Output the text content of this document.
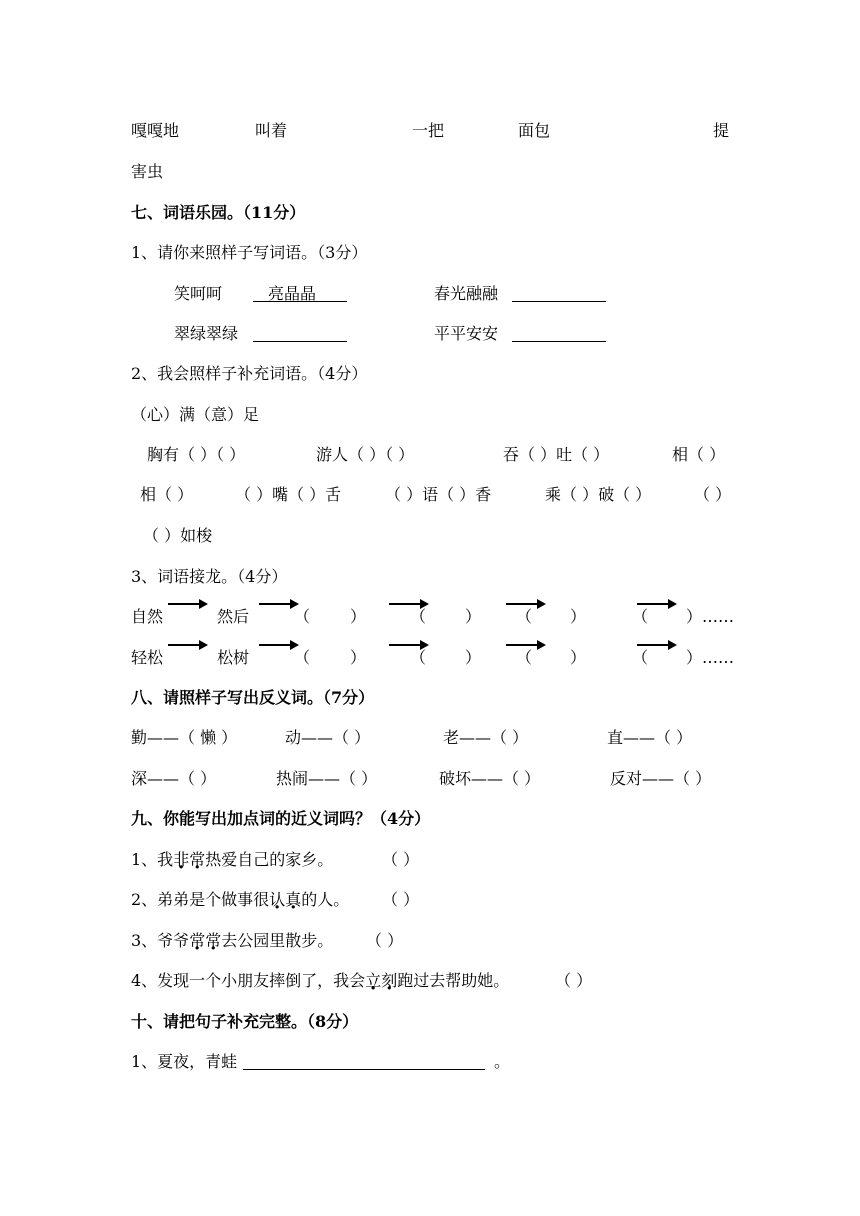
嘎嘎地	叫着	一把	面包	提
害虫
七、词语乐园。（11分）
1、请你来照样子写词语。（3分）
笑呵呵	亮晶晶	春光融融
翠绿翠绿	平平安安
2、我会照样子补充词语。（4分）
（心）满（意）足
胸有（ ）（ ）	游人（ ）（ ）	吞（ ）吐（ ）	相（ ）
相（ ）	（ ）嘴（ ）舌	（ ）语（ ）香	乘（ ）破（ ）	（ ）
（ ）如梭
3、词语接龙。（4分）
自然	然后	（ ）	（ ） （ ）	（ ）……
轻松	松树	（ ）	（ ） （ ）	（ ）……
八、请照样子写出反义词。（7分）
勤——（ 懒 ）	动——（ ）	老——（ ）	直——（ ）
深——（ ）	热闹——（ ）	破坏——（ ）	反对——（ ）
九、你能写出加点词的近义词吗？（4分）
1、我非常热爱自己的家乡。	（ ）
2、弟弟是个做事很认真的人。 （ ）
3、爷爷常常去公园里散步。 （ ）
4、发现一个小朋友摔倒了，我会立刻跑过去帮助她。	（ ）
十、请把句子补充完整。（8分）
1、夏夜，青蛙	。
